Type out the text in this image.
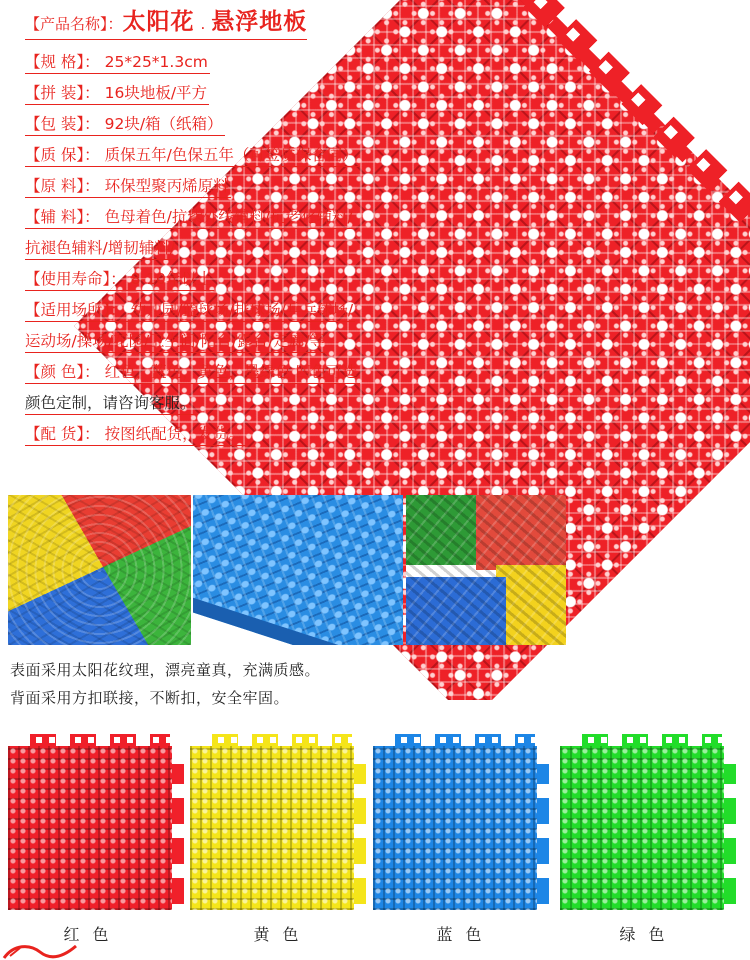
【产品名称】：太阳花 . 悬浮地板
【规 格】： 25*25*1.3cm
【拼 装】： 16块地板/平方
【包 装】： 92块/箱（纸箱）
【质 保】： 质保五年/色保五年（可签质保合同）
【原 料】： 环保型聚丙烯原料
【辅 料】： 色母着色/抗紫外线辅料/抗老化辅料/
抗褪色辅料/增韧辅料/
【使用寿命】： 8-10年以上
【适用场所】： 幼儿园/篮球场/排球场/乒乓球场/
运动场/操场/花园/卫生间/阳台/露台/走廊/等
【颜 色】： 红色，蓝色，黄色，墨绿色 四色可选
颜色定制，请咨询客服。
【配 货】： 按图纸配货，发货。

表面采用太阳花纹理，漂亮童真，充满质感。

背面采用方扣联接，不断扣，安全牢固。

红 色	黄 色	蓝 色	绿 色
